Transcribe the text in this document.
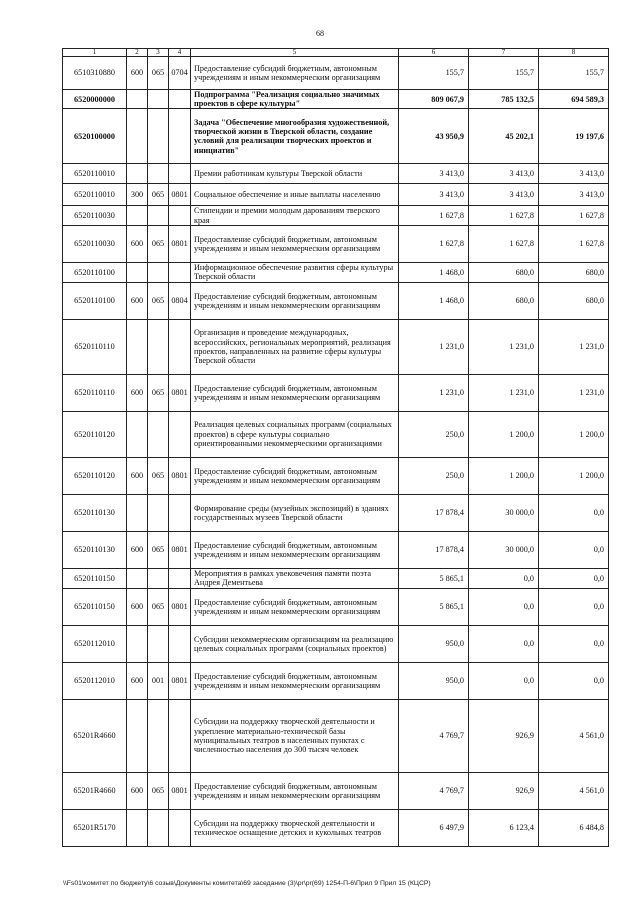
68
1	2	3	4	5	6	7	8
6510310880	600	065	0704	Предоставление субсидий бюджетным, автономным учреждениям и иным некоммерческим организациям	155,7	155,7	155,7
6520000000				Подпрограмма "Реализация социально значимых проектов в сфере культуры"	809 067,9	785 132,5	694 589,3
6520100000				Задача "Обеспечение многообразия художественной, творческой жизни в Тверской области, создание условий для реализации творческих проектов и инициатив"	43 950,9	45 202,1	19 197,6
6520110010				Премии работникам культуры Тверской области	3 413,0	3 413,0	3 413,0
6520110010	300	065	0801	Социальное обеспечение и иные выплаты населению	3 413,0	3 413,0	3 413,0
6520110030				Стипендии и премии молодым дарованиям тверского края	1 627,8	1 627,8	1 627,8
6520110030	600	065	0801	Предоставление субсидий бюджетным, автономным учреждениям и иным некоммерческим организациям	1 627,8	1 627,8	1 627,8
6520110100				Информационное обеспечение развития сферы культуры Тверской области	1 468,0	680,0	680,0
6520110100	600	065	0804	Предоставление субсидий бюджетным, автономным учреждениям и иным некоммерческим организациям	1 468,0	680,0	680,0
6520110110				Организация и проведение международных, всероссийских, региональных мероприятий, реализация проектов, направленных на развитие сферы культуры Тверской области	1 231,0	1 231,0	1 231,0
6520110110	600	065	0801	Предоставление субсидий бюджетным, автономным учреждениям и иным некоммерческим организациям	1 231,0	1 231,0	1 231,0
6520110120				Реализация целевых социальных программ (социальных проектов) в сфере культуры социально ориентированными некоммерческими организациями	250,0	1 200,0	1 200,0
6520110120	600	065	0801	Предоставление субсидий бюджетным, автономным учреждениям и иным некоммерческим организациям	250,0	1 200,0	1 200,0
6520110130				Формирование среды (музейных экспозиций) в зданиях государственных музеев Тверской области	17 878,4	30 000,0	0,0
6520110130	600	065	0801	Предоставление субсидий бюджетным, автономным учреждениям и иным некоммерческим организациям	17 878,4	30 000,0	0,0
6520110150				Мероприятия в рамках увековечения памяти поэта Андрея Дементьева	5 865,1	0,0	0,0
6520110150	600	065	0801	Предоставление субсидий бюджетным, автономным учреждениям и иным некоммерческим организациям	5 865,1	0,0	0,0
6520112010				Субсидии некоммерческим организациям на реализацию целевых социальных программ (социальных проектов)	950,0	0,0	0,0
6520112010	600	001	0801	Предоставление субсидий бюджетным, автономным учреждениям и иным некоммерческим организациям	950,0	0,0	0,0
65201R4660				Субсидии на поддержку творческой деятельности и укрепление материально-технической базы муниципальных театров в населенных пунктах с численностью населения до 300 тысяч человек	4 769,7	926,9	4 561,0
65201R4660	600	065	0801	Предоставление субсидий бюджетным, автономным учреждениям и иным некоммерческим организациям	4 769,7	926,9	4 561,0
65201R5170				Субсидии на поддержку творческой деятельности и техническое оснащение детских и кукольных театров	6 497,9	6 123,4	6 484,8
\\Fs01\комитет по бюджету\6 созыв\Документы комитета\69 заседание (3)\pr\pr(69) 1254-П-6\Прил 9 Прил 15 (КЦСР)
